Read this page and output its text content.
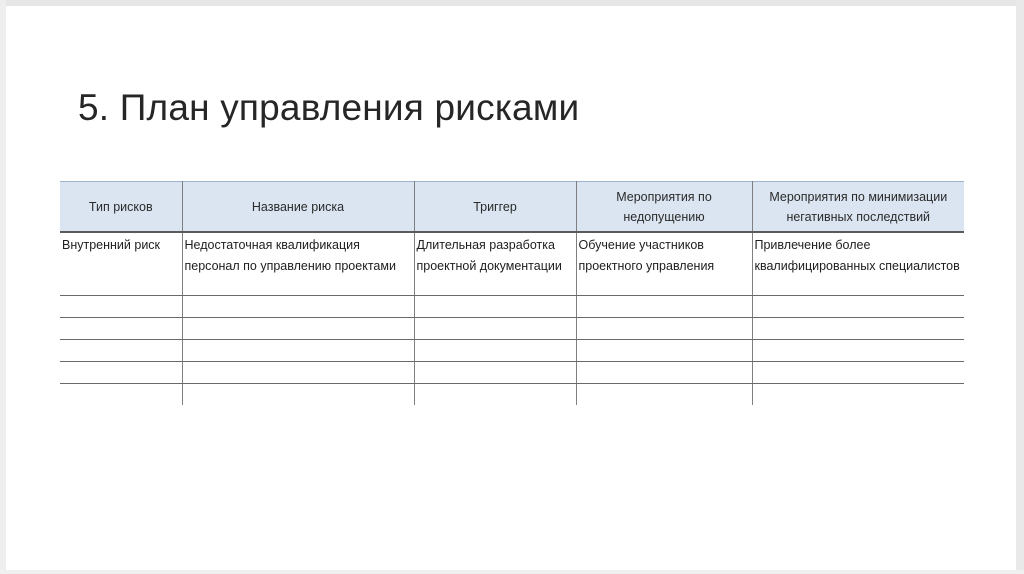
5. План управления рисками
Тип рисков	Название риска	Триггер	Мероприятия по недопущению	Мероприятия по минимизации негативных последствий
Внутренний риск	Недостаточная квалификация персонал по управлению проектами	Длительная разработка проектной документации	Обучение участников проектного управления	Привлечение более квалифицированных специалистов
